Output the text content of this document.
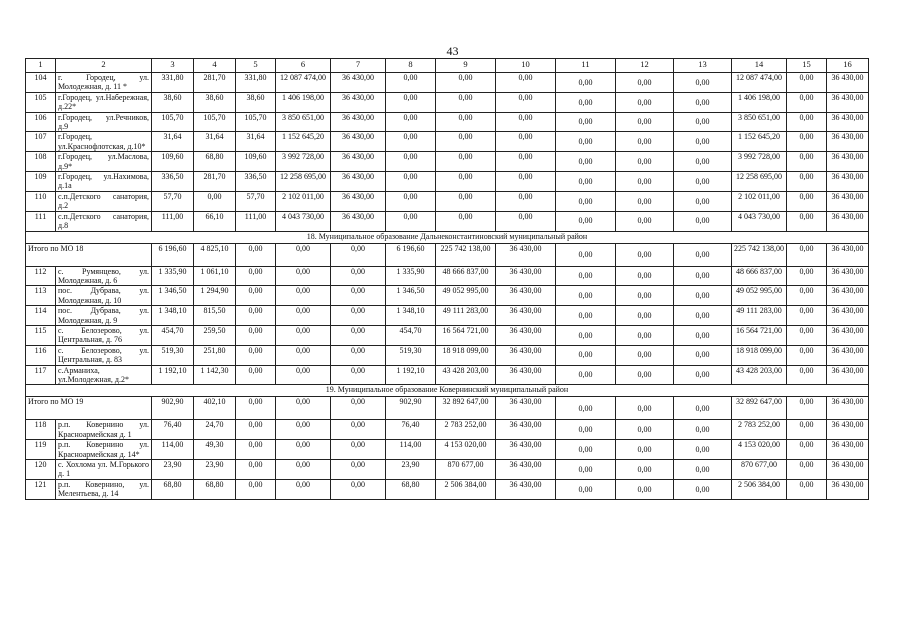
43
1	2	3	4	5	6	7	8	9	10	11	12	13	14	15	16
104	г. Городец, ул. Молодежная, д. 11 *	331,80	281,70	331,80	12 087 474,00	36 430,00	0,00	0,00	0,00	0,00	0,00	0,00	12 087 474,00	0,00	36 430,00
105	г.Городец, ул.Набережная, д.22*	38,60	38,60	38,60	1 406 198,00	36 430,00	0,00	0,00	0,00	0,00	0,00	0,00	1 406 198,00	0,00	36 430,00
106	г.Городец, ул.Речников, д.9	105,70	105,70	105,70	3 850 651,00	36 430,00	0,00	0,00	0,00	0,00	0,00	0,00	3 850 651,00	0,00	36 430,00
107	г.Городец, ул.Краснофлотская, д.10*	31,64	31,64	31,64	1 152 645,20	36 430,00	0,00	0,00	0,00	0,00	0,00	0,00	1 152 645,20	0,00	36 430,00
108	г.Городец, ул.Маслова, д.9*	109,60	68,80	109,60	3 992 728,00	36 430,00	0,00	0,00	0,00	0,00	0,00	0,00	3 992 728,00	0,00	36 430,00
109	г.Городец, ул.Нахимова, д.1а	336,50	281,70	336,50	12 258 695,00	36 430,00	0,00	0,00	0,00	0,00	0,00	0,00	12 258 695,00	0,00	36 430,00
110	с.п.Детского санатория, д.2	57,70	0,00	57,70	2 102 011,00	36 430,00	0,00	0,00	0,00	0,00	0,00	0,00	2 102 011,00	0,00	36 430,00
111	с.п.Детского санатория, д.8	111,00	66,10	111,00	4 043 730,00	36 430,00	0,00	0,00	0,00	0,00	0,00	0,00	4 043 730,00	0,00	36 430,00
18. Муниципальное образование Дальнеконстантиновский муниципальный район															
Итого по МО 18		6 196,60	4 825,10	0,00	0,00	0,00	6 196,60	225 742 138,00	36 430,00	0,00	0,00	0,00	225 742 138,00	0,00	36 430,00
112	с. Румянцево, ул. Молодежная, д. 6	1 335,90	1 061,10	0,00	0,00	0,00	1 335,90	48 666 837,00	36 430,00	0,00	0,00	0,00	48 666 837,00	0,00	36 430,00
113	пос. Дубрава, ул. Молодежная, д. 10	1 346,50	1 294,90	0,00	0,00	0,00	1 346,50	49 052 995,00	36 430,00	0,00	0,00	0,00	49 052 995,00	0,00	36 430,00
114	пос. Дубрава, ул. Молодежная, д. 9	1 348,10	815,50	0,00	0,00	0,00	1 348,10	49 111 283,00	36 430,00	0,00	0,00	0,00	49 111 283,00	0,00	36 430,00
115	с. Белозерово, ул. Центральная, д. 76	454,70	259,50	0,00	0,00	0,00	454,70	16 564 721,00	36 430,00	0,00	0,00	0,00	16 564 721,00	0,00	36 430,00
116	с. Белозерово, ул. Центральная, д. 83	519,30	251,80	0,00	0,00	0,00	519,30	18 918 099,00	36 430,00	0,00	0,00	0,00	18 918 099,00	0,00	36 430,00
117	с.Арманиха, ул.Молодежная, д.2*	1 192,10	1 142,30	0,00	0,00	0,00	1 192,10	43 428 203,00	36 430,00	0,00	0,00	0,00	43 428 203,00	0,00	36 430,00
19. Муниципальное образование Ковернинский муниципальный район															
Итого по МО 19		902,90	402,10	0,00	0,00	0,00	902,90	32 892 647,00	36 430,00	0,00	0,00	0,00	32 892 647,00	0,00	36 430,00
118	р.п. Ковернино ул. Красноармейская д. 1	76,40	24,70	0,00	0,00	0,00	76,40	2 783 252,00	36 430,00	0,00	0,00	0,00	2 783 252,00	0,00	36 430,00
119	р.п. Ковернино ул. Красноармейская д. 14*	114,00	49,30	0,00	0,00	0,00	114,00	4 153 020,00	36 430,00	0,00	0,00	0,00	4 153 020,00	0,00	36 430,00
120	с. Хохлома ул. М.Горького д. 1	23,90	23,90	0,00	0,00	0,00	23,90	870 677,00	36 430,00	0,00	0,00	0,00	870 677,00	0,00	36 430,00
121	р.п. Ковернино, ул. Мелентьева, д. 14	68,80	68,80	0,00	0,00	0,00	68,80	2 506 384,00	36 430,00	0,00	0,00	0,00	2 506 384,00	0,00	36 430,00
